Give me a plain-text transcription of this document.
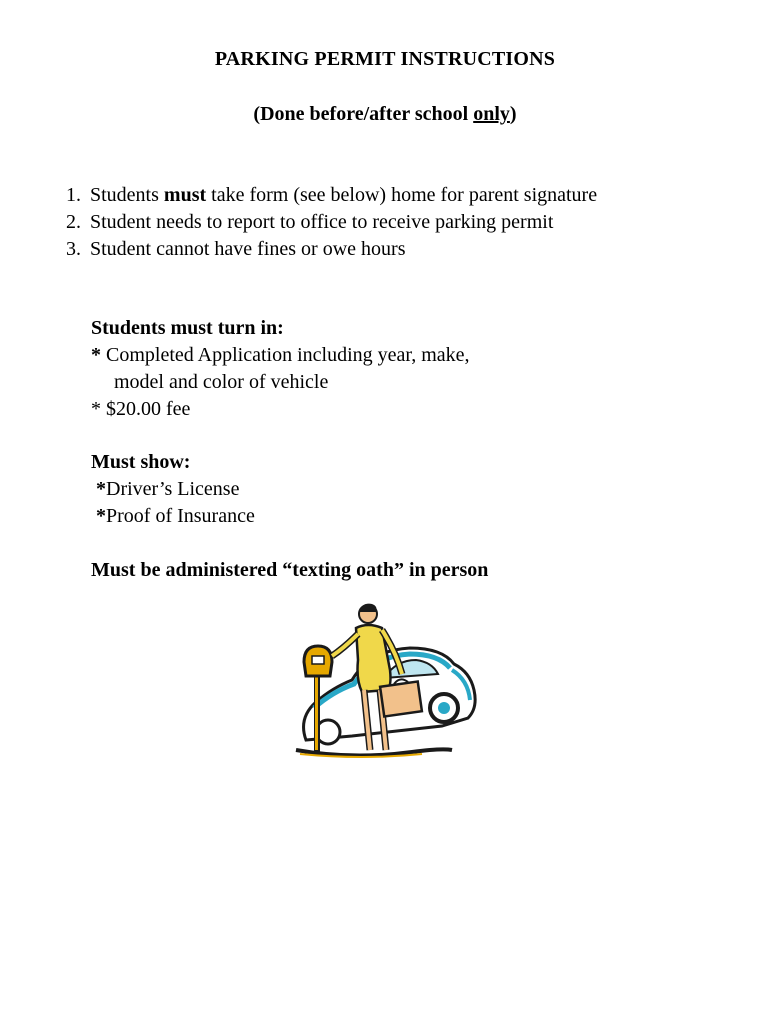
PARKING PERMIT INSTRUCTIONS
(Done before/after school only)
1. Students must take form (see below) home for parent signature
2. Student needs to report to office to receive parking permit
3. Student cannot have fines or owe hours
Students must turn in:
* Completed Application including year, make,
model and color of vehicle
* $20.00 fee
Must show:
*Driver’s License
*Proof of Insurance
Must be administered “texting oath” in person
